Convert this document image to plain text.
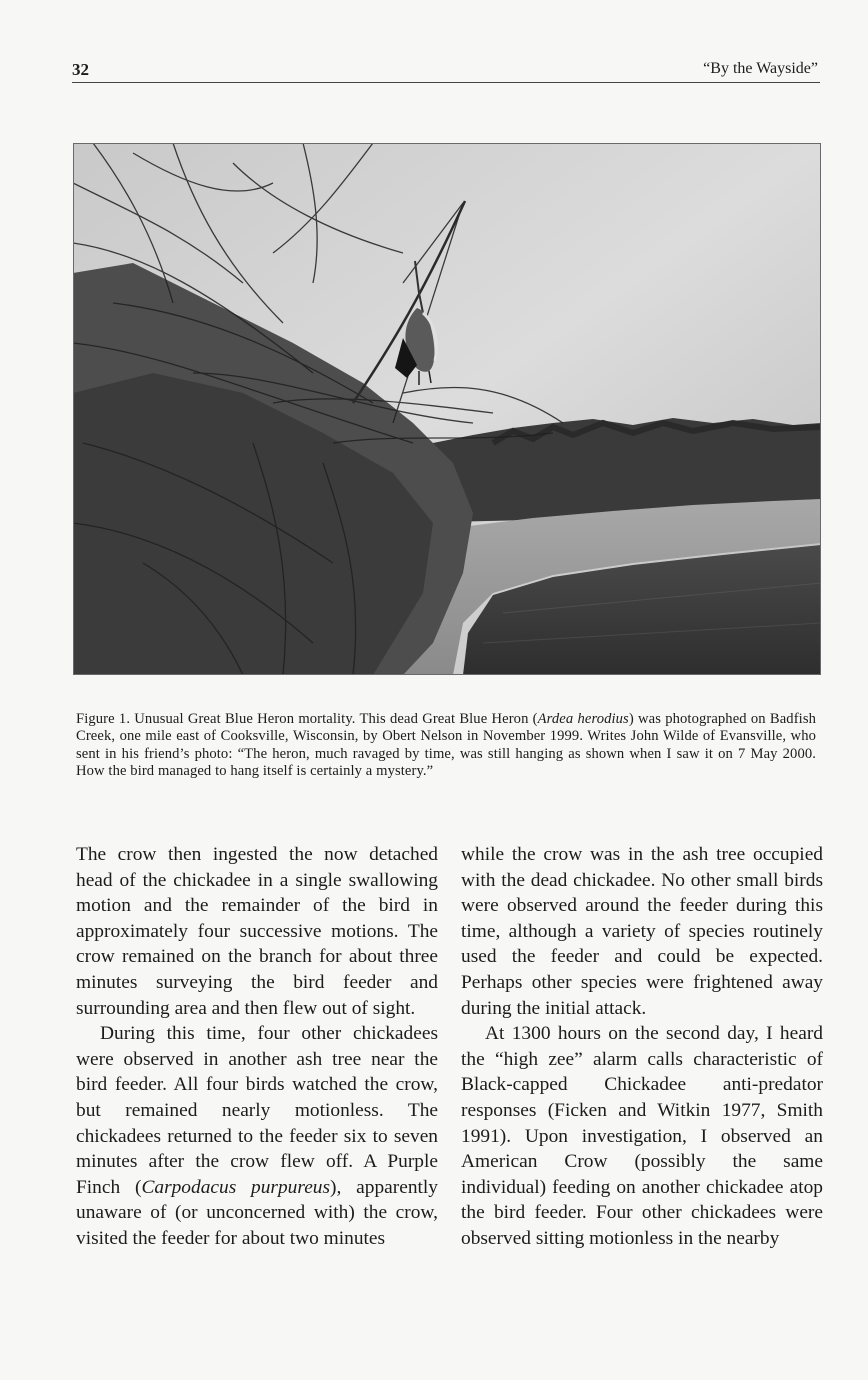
32	“By the Wayside”
Figure 1. Unusual Great Blue Heron mortality. This dead Great Blue Heron (Ardea herodius) was photographed on Badfish Creek, one mile east of Cooksville, Wisconsin, by Obert Nelson in November 1999. Writes John Wilde of Evansville, who sent in his friend’s photo: “The heron, much ravaged by time, was still hanging as shown when I saw it on 7 May 2000. How the bird managed to hang itself is certainly a mystery.”

The crow then ingested the now detached head of the chickadee in a single swallowing motion and the remainder of the bird in approximately four successive motions. The crow remained on the branch for about three minutes surveying the bird feeder and surrounding area and then flew out of sight.

During this time, four other chickadees were observed in another ash tree near the bird feeder. All four birds watched the crow, but remained nearly motionless. The chickadees returned to the feeder six to seven minutes after the crow flew off. A Purple Finch (Carpodacus purpureus), apparently unaware of (or unconcerned with) the crow, visited the feeder for about two minutes

while the crow was in the ash tree occupied with the dead chickadee. No other small birds were observed around the feeder during this time, although a variety of species routinely used the feeder and could be expected. Perhaps other species were frightened away during the initial attack.

At 1300 hours on the second day, I heard the “high zee” alarm calls characteristic of Black-capped Chickadee anti-predator responses (Ficken and Witkin 1977, Smith 1991). Upon investigation, I observed an American Crow (possibly the same individual) feeding on another chickadee atop the bird feeder. Four other chickadees were observed sitting motionless in the nearby
